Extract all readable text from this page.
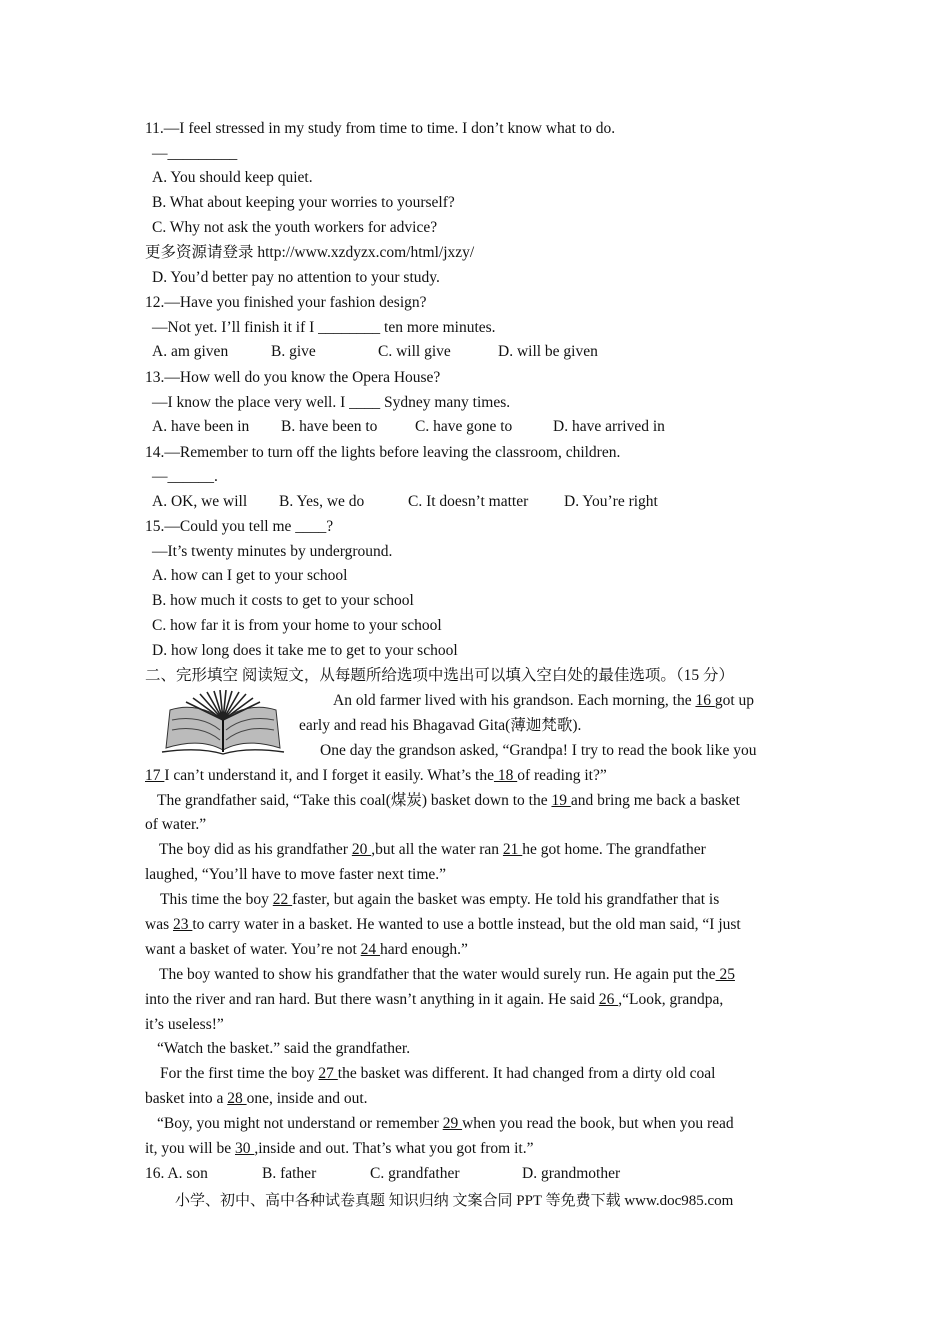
11.—I feel stressed in my study from time to time. I don’t know what to do.
—_________
A. You should keep quiet.
B. What about keeping your worries to yourself?
C. Why not ask the youth workers for advice?
更多资源请登录 http://www.xzdyzx.com/html/jxzy/
D. You’d better pay no attention to your study.
12.—Have you finished your fashion design?
—Not yet. I’ll finish it if I ________ ten more minutes.
A. am given	B. give	C. will give	D. will be given
13.—How well do you know the Opera House?
—I know the place very well. I ____ Sydney many times.
A. have been in B. have been to C. have gone to	D. have arrived in
14.—Remember to turn off the lights before leaving the classroom, children.
—______.
A. OK, we will B. Yes, we do	C. It doesn’t matter D. You’re right
15.—Could you tell me ____?
—It’s twenty minutes by underground.
A. how can I get to your school
B. how much it costs to get to your school
C. how far it is from your home to your school
D. how long does it take me to get to your school
二、完形填空 阅读短文，从每题所给选项中选出可以填入空白处的最佳选项。（15 分）
An old farmer lived with his grandson. Each morning, the 16 got up
early and read his Bhagavad Gita(薄迦梵歌).
One day the grandson asked, “Grandpa! I try to read the book like you
17 I can’t understand it, and I forget it easily. What’s the 18 of reading it?”
The grandfather said, “Take this coal(煤炭) basket down to the 19 and bring me back a basket
of water.”
The boy did as his grandfather 20 ,but all the water ran 21 he got home. The grandfather
laughed, “You’ll have to move faster next time.”
This time the boy 22 faster, but again the basket was empty. He told his grandfather that is
was 23 to carry water in a basket. He wanted to use a bottle instead, but the old man said, “I just
want a basket of water. You’re not 24 hard enough.”
The boy wanted to show his grandfather that the water would surely run. He again put the 25
into the river and ran hard. But there wasn’t anything in it again. He said 26 ,“Look, grandpa,
it’s useless!”
“Watch the basket.” said the grandfather.
For the first time the boy 27 the basket was different. It had changed from a dirty old coal
basket into a 28 one, inside and out.
“Boy, you might not understand or remember 29 when you read the book, but when you read
it, you will be 30 ,inside and out. That’s what you got from it.”
16. A. son	B. father	C. grandfather	D. grandmother
小学、初中、高中各种试卷真题 知识归纳 文案合同 PPT 等免费下载 www.doc985.com
